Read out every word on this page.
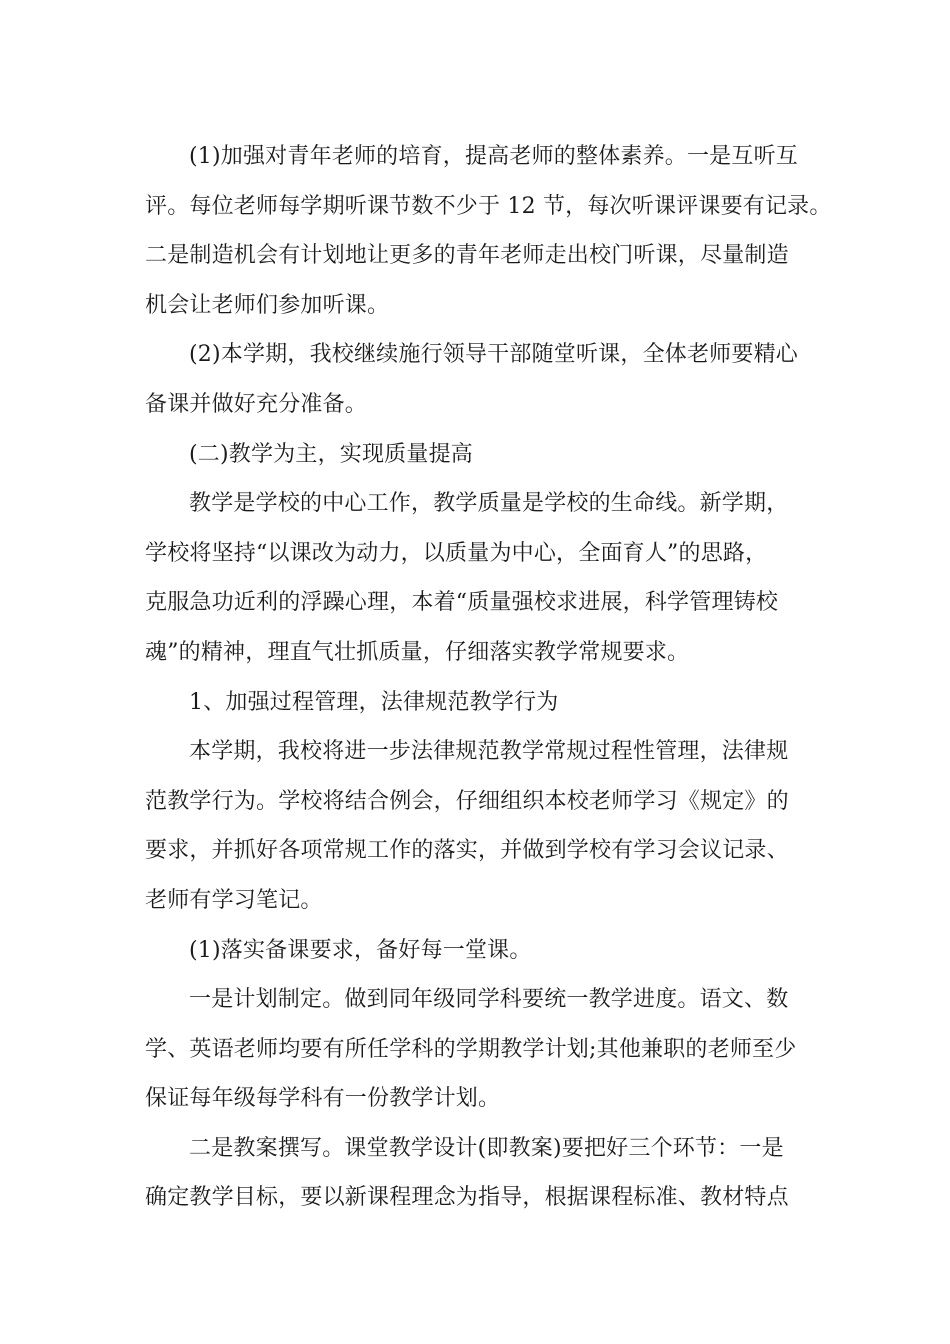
(1)加强对青年老师的培育，提高老师的整体素养。一是互听互
评。每位老师每学期听课节数不少于 12 节，每次听课评课要有记录。
二是制造机会有计划地让更多的青年老师走出校门听课，尽量制造
机会让老师们参加听课。
(2)本学期，我校继续施行领导干部随堂听课，全体老师要精心
备课并做好充分准备。
(二)教学为主，实现质量提高
教学是学校的中心工作，教学质量是学校的生命线。新学期，
学校将坚持“以课改为动力，以质量为中心，全面育人”的思路，
克服急功近利的浮躁心理，本着“质量强校求进展，科学管理铸校
魂”的精神，理直气壮抓质量，仔细落实教学常规要求。
1、加强过程管理，法律规范教学行为
本学期，我校将进一步法律规范教学常规过程性管理，法律规
范教学行为。学校将结合例会，仔细组织本校老师学习《规定》的
要求，并抓好各项常规工作的落实，并做到学校有学习会议记录、
老师有学习笔记。
(1)落实备课要求，备好每一堂课。
一是计划制定。做到同年级同学科要统一教学进度。语文、数
学、英语老师均要有所任学科的学期教学计划;其他兼职的老师至少
保证每年级每学科有一份教学计划。
二是教案撰写。课堂教学设计(即教案)要把好三个环节：一是
确定教学目标，要以新课程理念为指导，根据课程标准、教材特点
